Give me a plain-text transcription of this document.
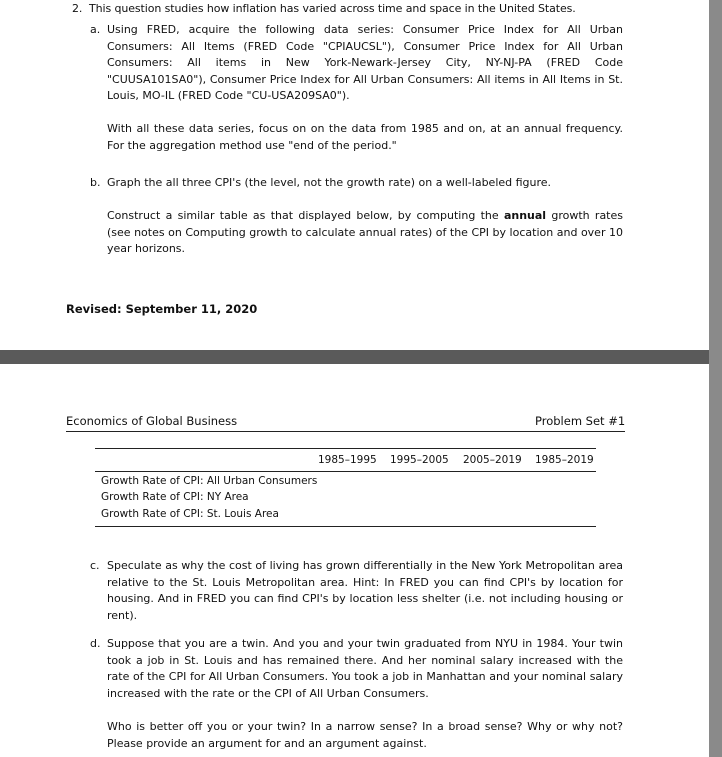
2. This question studies how inflation has varied across time and space in the United States.
a. Using FRED, acquire the following data series: Consumer Price Index for All Urban Consumers: All Items (FRED Code "CPIAUCSL"), Consumer Price Index for All Urban Consumers: All items in New York-Newark-Jersey City, NY-NJ-PA (FRED Code "CUUSA101SA0"), Consumer Price Index for All Urban Consumers: All items in All Items in St. Louis, MO-IL (FRED Code "CU-USA209SA0").
With all these data series, focus on on the data from 1985 and on, at an annual frequency. For the aggregation method use "end of the period."
b. Graph the all three CPI's (the level, not the growth rate) on a well-labeled figure.
Construct a similar table as that displayed below, by computing the annual growth rates (see notes on Computing growth to calculate annual rates) of the CPI by location and over 10 year horizons.
Revised: September 11, 2020
Economics of Global Business	Problem Set #1
1985–1995 1995–2005 2005–2019 1985–2019
Growth Rate of CPI: All Urban Consumers
Growth Rate of CPI: NY Area
Growth Rate of CPI: St. Louis Area
c. Speculate as why the cost of living has grown differentially in the New York Metropolitan area relative to the St. Louis Metropolitan area. Hint: In FRED you can find CPI's by location for housing. And in FRED you can find CPI's by location less shelter (i.e. not including housing or rent).
d. Suppose that you are a twin. And you and your twin graduated from NYU in 1984. Your twin took a job in St. Louis and has remained there. And her nominal salary increased with the rate of the CPI for All Urban Consumers. You took a job in Manhattan and your nominal salary increased with the rate or the CPI of All Urban Consumers.
Who is better off you or your twin? In a narrow sense? In a broad sense? Why or why not? Please provide an argument for and an argument against.
